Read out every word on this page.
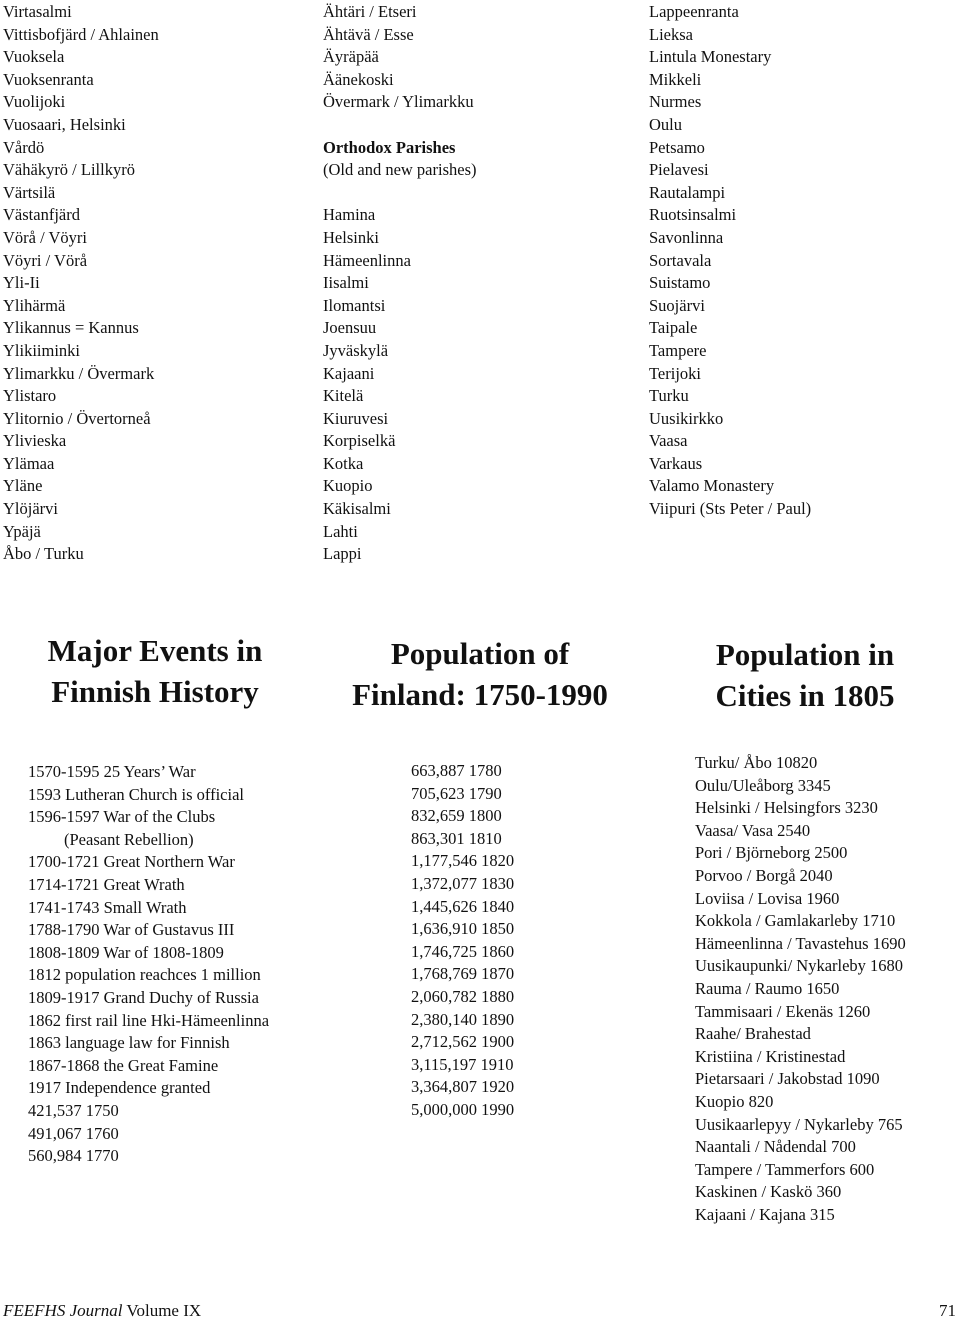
Virtasalmi
Vittisbofjärd / Ahlainen
Vuoksela
Vuoksenranta
Vuolijoki
Vuosaari, Helsinki
Vårdö
Vähäkyrö / Lillkyrö
Värtsilä
Västanfjärd
Vörå / Vöyri
Vöyri / Vörå
Yli-Ii
Ylihärmä
Ylikannus = Kannus
Ylikiiminki
Ylimarkku / Övermark
Ylistaro
Ylitornio / Övertorneå
Ylivieska
Ylämaa
Yläne
Ylöjärvi
Ypäjä
Åbo / Turku
Ähtäri / Etseri
Ähtävä / Esse
Äyräpää
Äänekoski
Övermark / Ylimarkku
Orthodox Parishes
(Old and new parishes)
Hamina
Helsinki
Hämeenlinna
Iisalmi
Ilomantsi
Joensuu
Jyväskylä
Kajaani
Kitelä
Kiuruvesi
Korpiselkä
Kotka
Kuopio
Käkisalmi
Lahti
Lappi
Lappeenranta
Lieksa
Lintula Monestary
Mikkeli
Nurmes
Oulu
Petsamo
Pielavesi
Rautalampi
Ruotsinsalmi
Savonlinna
Sortavala
Suistamo
Suojärvi
Taipale
Tampere
Terijoki
Turku
Uusikirkko
Vaasa
Varkaus
Valamo Monastery
Viipuri (Sts Peter / Paul)
Major Events in
Finnish History
Population of
Finland: 1750-1990
Population in
Cities in 1805
1570-1595 25 Years’ War
1593 Lutheran Church is official
1596-1597 War of the Clubs
(Peasant Rebellion)
1700-1721 Great Northern War
1714-1721 Great Wrath
1741-1743 Small Wrath
1788-1790 War of Gustavus III
1808-1809 War of 1808-1809
1812 population reachces 1 million
1809-1917 Grand Duchy of Russia
1862 first rail line Hki-Hämeenlinna
1863 language law for Finnish
1867-1868 the Great Famine
1917 Independence granted
421,537 1750
491,067 1760
560,984 1770
663,887 1780
705,623 1790
832,659 1800
863,301 1810
1,177,546 1820
1,372,077 1830
1,445,626 1840
1,636,910 1850
1,746,725 1860
1,768,769 1870
2,060,782 1880
2,380,140 1890
2,712,562 1900
3,115,197 1910
3,364,807 1920
5,000,000 1990
Turku/ Åbo 10820
Oulu/Uleåborg 3345
Helsinki / Helsingfors 3230
Vaasa/ Vasa 2540
Pori / Björneborg 2500
Porvoo / Borgå 2040
Loviisa / Lovisa 1960
Kokkola / Gamlakarleby 1710
Hämeenlinna / Tavastehus 1690
Uusikaupunki/ Nykarleby 1680
Rauma / Raumo 1650
Tammisaari / Ekenäs 1260
Raahe/ Brahestad
Kristiina / Kristinestad
Pietarsaari / Jakobstad 1090
Kuopio 820
Uusikaarlepyy / Nykarleby 765
Naantali / Nådendal 700
Tampere / Tammerfors 600
Kaskinen / Kaskö 360
Kajaani / Kajana 315
FEEFHS Journal Volume IX	71
